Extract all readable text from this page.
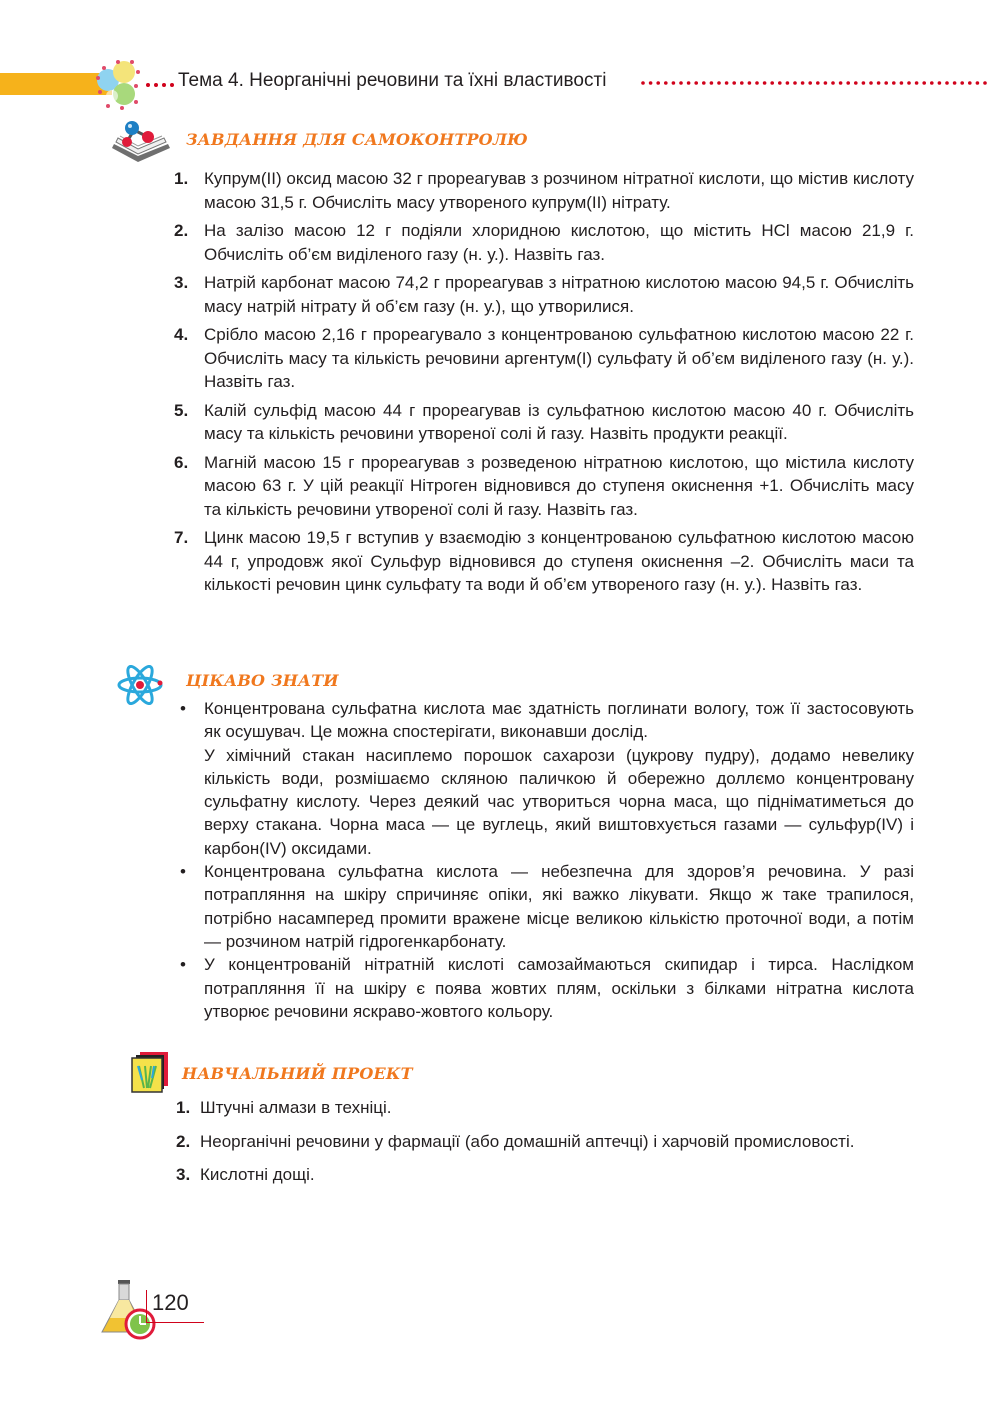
Тема 4. Неорганічні речовини та їхні властивості
ЗАВДАННЯ ДЛЯ САМОКОНТРОЛЮ
1. Купрум(ІІ) оксид масою 32 г прореагував з розчином нітратної кислоти, що містив кислоту масою 31,5 г. Обчисліть масу утвореного купрум(ІІ) нітрату.
2. На залізо масою 12 г подіяли хлоридною кислотою, що містить HCl масою 21,9 г. Обчисліть об’єм виділеного газу (н. у.). Назвіть газ.
3. Натрій карбонат масою 74,2 г прореагував з нітратною кислотою масою 94,5 г. Обчисліть масу натрій нітрату й об’єм газу (н. у.), що утворилися.
4. Срібло масою 2,16 г прореагувало з концентрованою сульфатною кислотою масою 22 г. Обчисліть масу та кількість речовини аргентум(І) сульфату й об’єм виділеного газу (н. у.). Назвіть газ.
5. Калій сульфід масою 44 г прореагував із сульфатною кислотою масою 40 г. Обчисліть масу та кількість речовини утвореної солі й газу. Назвіть продукти реакції.
6. Магній масою 15 г прореагував з розведеною нітратною кислотою, що містила кислоту масою 63 г. У цій реакції Нітроген відновився до ступеня окиснення +1. Обчисліть масу та кількість речовини утвореної солі й газу. Назвіть газ.
7. Цинк масою 19,5 г вступив у взаємодію з концентрованою сульфатною кислотою масою 44 г, упродовж якої Сульфур відновився до ступеня окиснення –2. Обчисліть маси та кількості речовин цинк сульфату та води й об’єм утвореного газу (н. у.). Назвіть газ.
ЦІКАВО ЗНАТИ
• Концентрована сульфатна кислота має здатність поглинати вологу, тож її застосовують як осушувач. Це можна спостерігати, виконавши дослід.

У хімічний стакан насиплемо порошок сахарози (цукрову пудру), додамо невелику кількість води, розмішаємо скляною паличкою й обережно доллємо концентровану сульфатну кислоту. Через деякий час утвориться чорна маса, що підніматиметься до верху стакана. Чорна маса — це вуглець, який виштовхується газами — сульфур(IV) і карбон(IV) оксидами.

• Концентрована сульфатна кислота — небезпечна для здоров’я речовина. У разі потрапляння на шкіру спричиняє опіки, які важко лікувати. Якщо ж таке трапилося, потрібно насамперед промити вражене місце великою кількістю проточної води, а потім — розчином натрій гідрогенкарбонату.

• У концентрованій нітратній кислоті самозаймаються скипидар і тирса. Наслідком потрапляння її на шкіру є поява жовтих плям, оскільки з білками нітратна кислота утворює речовини яскраво-жовтого кольору.

НАВЧАЛЬНИЙ ПРОЕКТ
1. Штучні алмази в техніці.
2. Неорганічні речовини у фармації (або домашній аптечці) і харчовій промисловості.
3. Кислотні дощі.
120
